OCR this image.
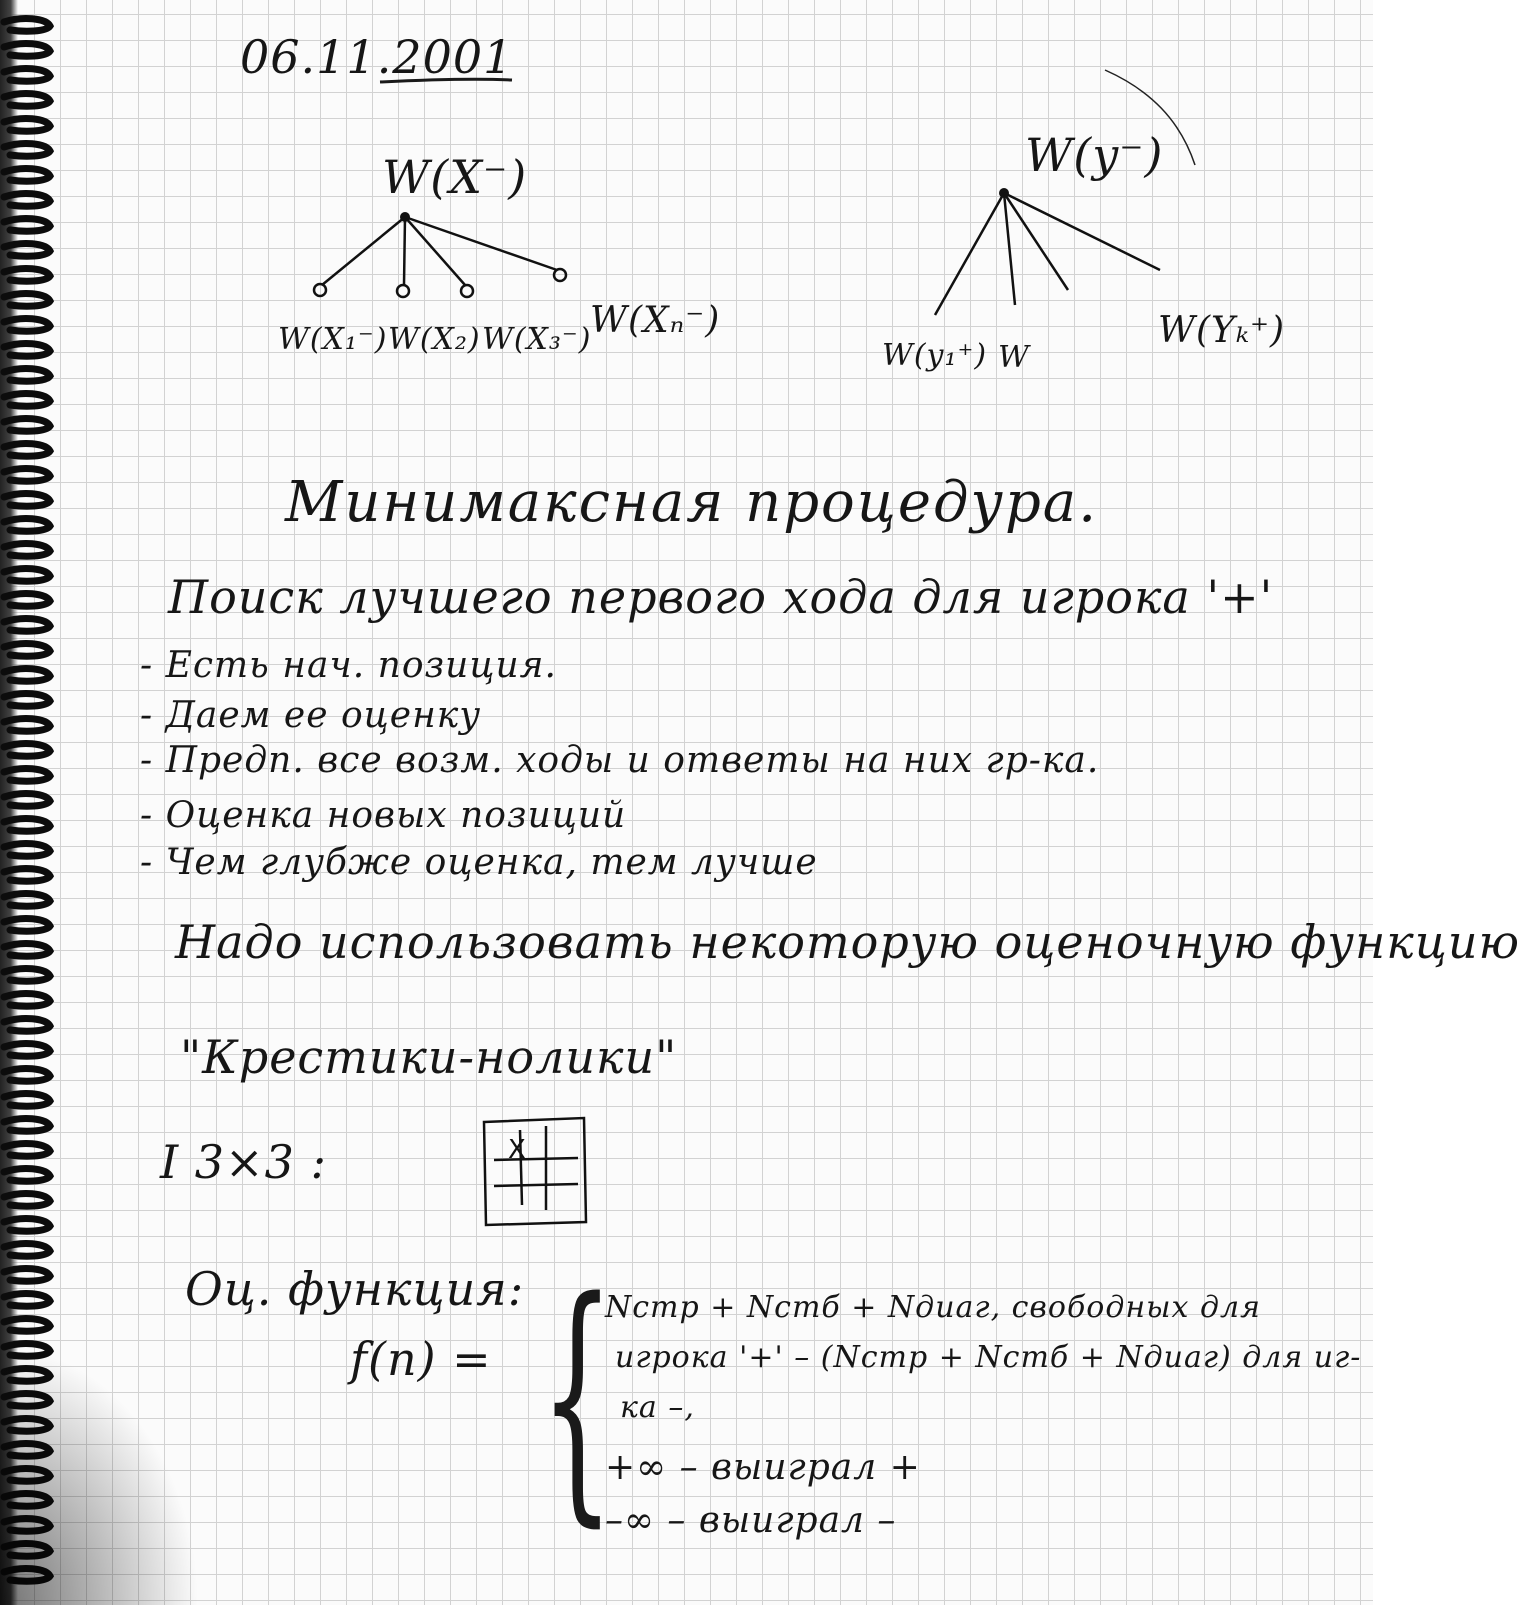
06.11.2001
W(X⁻)
W(X₁⁻) W(X₂) W(X₃⁻)
W(Xₙ⁻)
W(y⁻)
W(y₁⁺) W
W(Yₖ⁺)
Минимаксная процедура.
Поиск лучшего первого хода для игрока '+'
- Есть нач. позиция.
- Даем ее оценку
- Предп. все возм. ходы и ответы на них гр-ка.
- Оценка новых позиций
- Чем глубже оценка, тем лучше
Надо использовать некоторую оценочную функцию
"Крестики-нолики"
I 3×3 :	X
Оц. функция:
f(n) = {
Nстр + Nстб + Nдиаг, свободных для
игрока '+' – (Nстр + Nстб + Nдиаг) для иг-
ка –,
+∞ – выиграл +
–∞ – выиграл –
